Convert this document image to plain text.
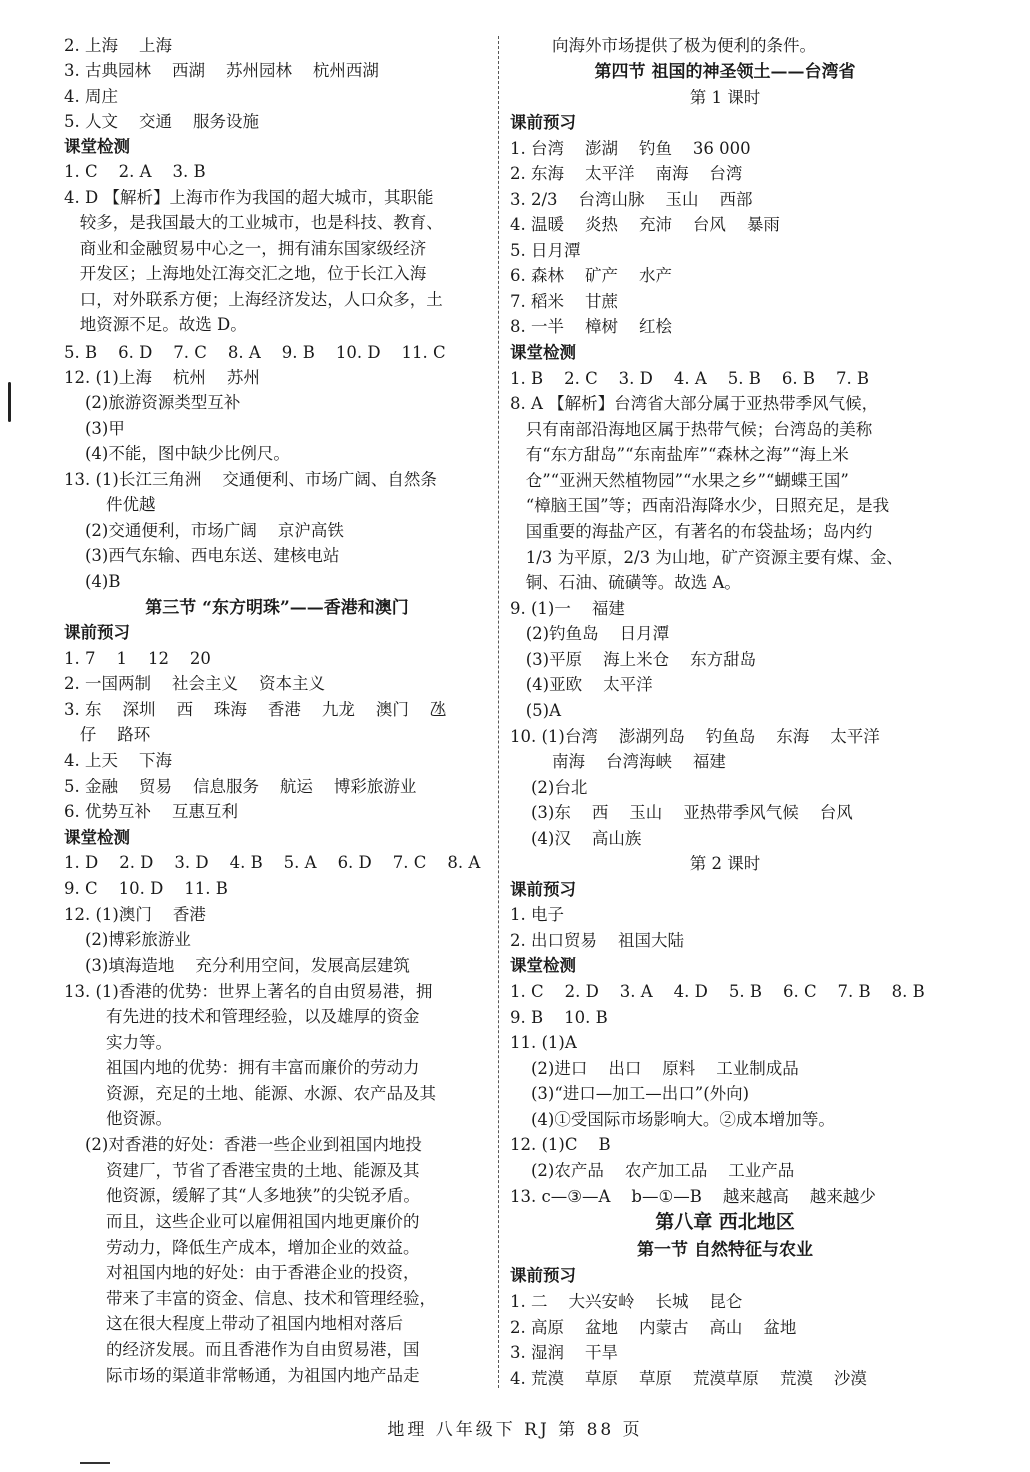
2. 上海    上海
3. 古典园林    西湖    苏州园林    杭州西湖
4. 周庄
5. 人文    交通    服务设施
课堂检测
1. C    2. A    3. B
4. D 【解析】上海市作为我国的超大城市，其职能
较多，是我国最大的工业城市，也是科技、教育、
商业和金融贸易中心之一，拥有浦东国家级经济
开发区；上海地处江海交汇之地，位于长江入海
口，对外联系方便；上海经济发达，人口众多，土
地资源不足。故选 D。
5. B    6. D    7. C    8. A    9. B    10. D    11. C
12. (1)上海    杭州    苏州
(2)旅游资源类型互补
(3)甲
(4)不能，图中缺少比例尺。
13. (1)长江三角洲    交通便利、市场广阔、自然条
件优越
(2)交通便利，市场广阔    京沪高铁
(3)西气东输、西电东送、建核电站
(4)B
第三节 “东方明珠”——香港和澳门
课前预习
1. 7    1    12    20
2. 一国两制    社会主义    资本主义
3. 东    深圳    西    珠海    香港    九龙    澳门    氹
仔    路环
4. 上天    下海
5. 金融    贸易    信息服务    航运    博彩旅游业
6. 优势互补    互惠互利
课堂检测
1. D    2. D    3. D    4. B    5. A    6. D    7. C    8. A
9. C    10. D    11. B
12. (1)澳门    香港
(2)博彩旅游业
(3)填海造地    充分利用空间，发展高层建筑
13. (1)香港的优势：世界上著名的自由贸易港，拥
有先进的技术和管理经验，以及雄厚的资金
实力等。
祖国内地的优势：拥有丰富而廉价的劳动力
资源，充足的土地、能源、水源、农产品及其
他资源。
(2)对香港的好处：香港一些企业到祖国内地投
资建厂，节省了香港宝贵的土地、能源及其
他资源，缓解了其“人多地狭”的尖锐矛盾。
而且，这些企业可以雇佣祖国内地更廉价的
劳动力，降低生产成本，增加企业的效益。
对祖国内地的好处：由于香港企业的投资，
带来了丰富的资金、信息、技术和管理经验，
这在很大程度上带动了祖国内地相对落后
的经济发展。而且香港作为自由贸易港，国
际市场的渠道非常畅通，为祖国内地产品走
向海外市场提供了极为便利的条件。
第四节 祖国的神圣领土——台湾省
第 1 课时
课前预习
1. 台湾    澎湖    钓鱼    36 000
2. 东海    太平洋    南海    台湾
3. 2/3    台湾山脉    玉山    西部
4. 温暖    炎热    充沛    台风    暴雨
5. 日月潭
6. 森林    矿产    水产
7. 稻米    甘蔗
8. 一半    樟树    红桧
课堂检测
1. B    2. C    3. D    4. A    5. B    6. B    7. B
8. A 【解析】台湾省大部分属于亚热带季风气候，
只有南部沿海地区属于热带气候；台湾岛的美称
有“东方甜岛”“东南盐库”“森林之海”“海上米
仓”“亚洲天然植物园”“水果之乡”“蝴蝶王国”
“樟脑王国”等；西南沿海降水少，日照充足，是我
国重要的海盐产区，有著名的布袋盐场；岛内约
1/3 为平原，2/3 为山地，矿产资源主要有煤、金、
铜、石油、硫磺等。故选 A。
9. (1)一    福建
(2)钓鱼岛    日月潭
(3)平原    海上米仓    东方甜岛
(4)亚欧    太平洋
(5)A
10. (1)台湾    澎湖列岛    钓鱼岛    东海    太平洋
南海    台湾海峡    福建
(2)台北
(3)东    西    玉山    亚热带季风气候    台风
(4)汉    高山族
第 2 课时
课前预习
1. 电子
2. 出口贸易    祖国大陆
课堂检测
1. C    2. D    3. A    4. D    5. B    6. C    7. B    8. B
9. B    10. B
11. (1)A
(2)进口    出口    原料    工业制成品
(3)“进口—加工—出口”(外向)
(4)①受国际市场影响大。②成本增加等。
12. (1)C    B
(2)农产品    农产加工品    工业产品
13. c—③—A    b—①—B    越来越高    越来越少
第八章 西北地区
第一节 自然特征与农业
课前预习
1. 二    大兴安岭    长城    昆仑
2. 高原    盆地    内蒙古    高山    盆地
3. 湿润    干旱
4. 荒漠    草原    草原    荒漠草原    荒漠    沙漠
地理 八年级下 RJ 第 88 页
